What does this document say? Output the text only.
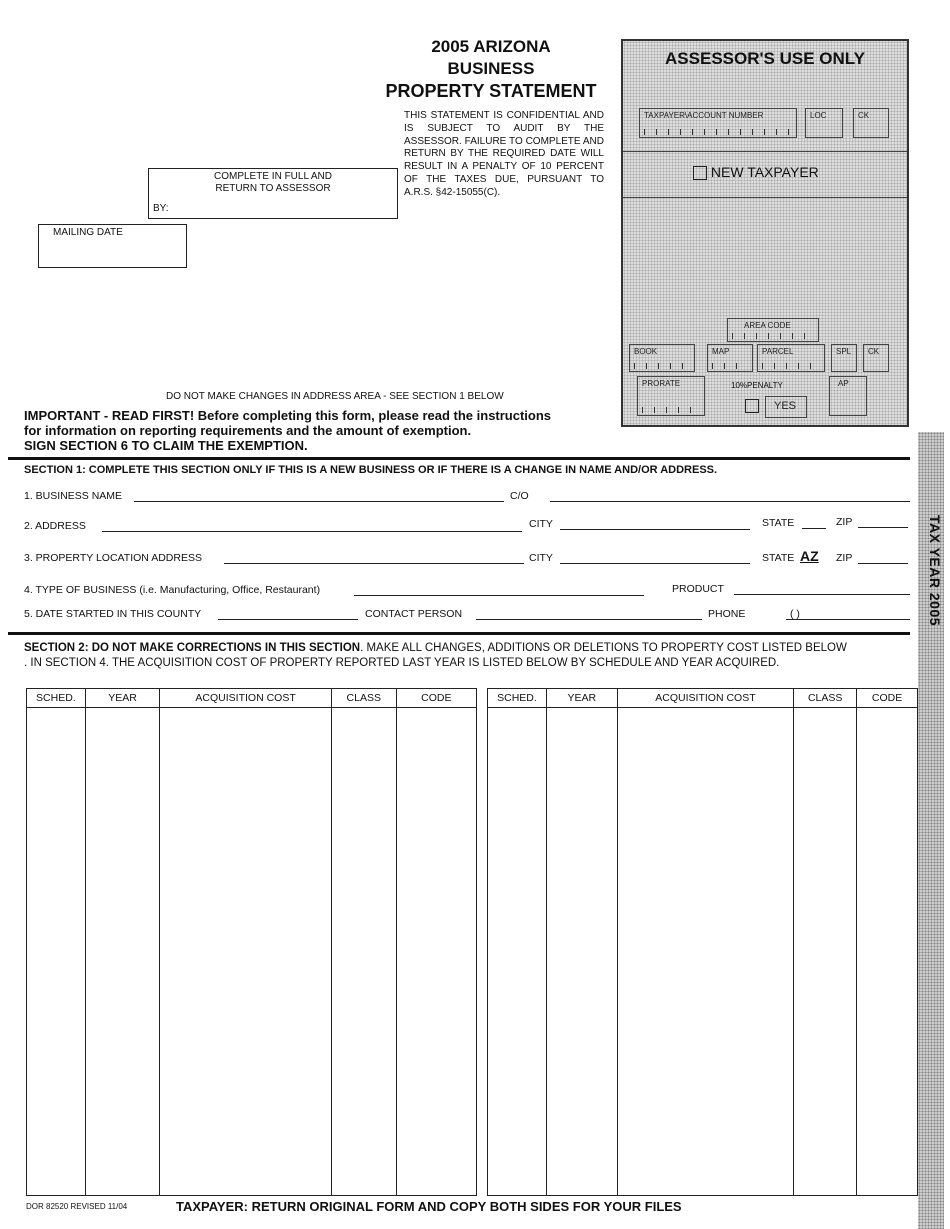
2005 ARIZONA
BUSINESS
PROPERTY STATEMENT
THIS STATEMENT IS CONFIDENTIAL AND IS SUBJECT TO AUDIT BY THE ASSESSOR. FAILURE TO COMPLETE AND RETURN BY THE REQUIRED DATE WILL RESULT IN A PENALTY OF 10 PERCENT OF THE TAXES DUE, PURSUANT TO A.R.S. §42-15055(C).
COMPLETE IN FULL AND
RETURN TO ASSESSOR
BY:
MAILING DATE
ASSESSOR'S USE ONLY
TAXPAYER\ACCOUNT NUMBER	LOC	CK
NEW TAXPAYER
AREA CODE
BOOK	MAP	PARCEL	SPL CK
PRORATE	10%PENALTY
YES
AP
DO NOT MAKE CHANGES IN ADDRESS AREA - SEE SECTION 1 BELOW
IMPORTANT - READ FIRST! Before completing this form, please read the instructions
for information on reporting requirements and the amount of exemption.
SIGN SECTION 6 TO CLAIM THE EXEMPTION.
SECTION 1: COMPLETE THIS SECTION ONLY IF THIS IS A NEW BUSINESS OR IF THERE IS A CHANGE IN NAME AND/OR ADDRESS.
1. BUSINESS NAME	C/O
2. ADDRESS	CITY	STATE	ZIP
3. PROPERTY LOCATION ADDRESS	CITY	STATE AZ ZIP
4. TYPE OF BUSINESS (i.e. Manufacturing, Office, Restaurant)	PRODUCT
5. DATE STARTED IN THIS COUNTY	CONTACT PERSON	PHONE	( )
SECTION 2: DO NOT MAKE CORRECTIONS IN THIS SECTION. MAKE ALL CHANGES, ADDITIONS OR DELETIONS TO PROPERTY COST LISTED BELOW
. IN SECTION 4. THE ACQUISITION COST OF PROPERTY REPORTED LAST YEAR IS LISTED BELOW BY SCHEDULE AND YEAR ACQUIRED.
SCHED.	YEAR	ACQUISITION COST	CLASS	CODE
					SCHED.	YEAR	ACQUISITION COST	CLASS	CODE

DOR 82520 REVISED 11/04	TAXPAYER: RETURN ORIGINAL FORM AND COPY BOTH SIDES FOR YOUR FILES
TAX YEAR 2005
